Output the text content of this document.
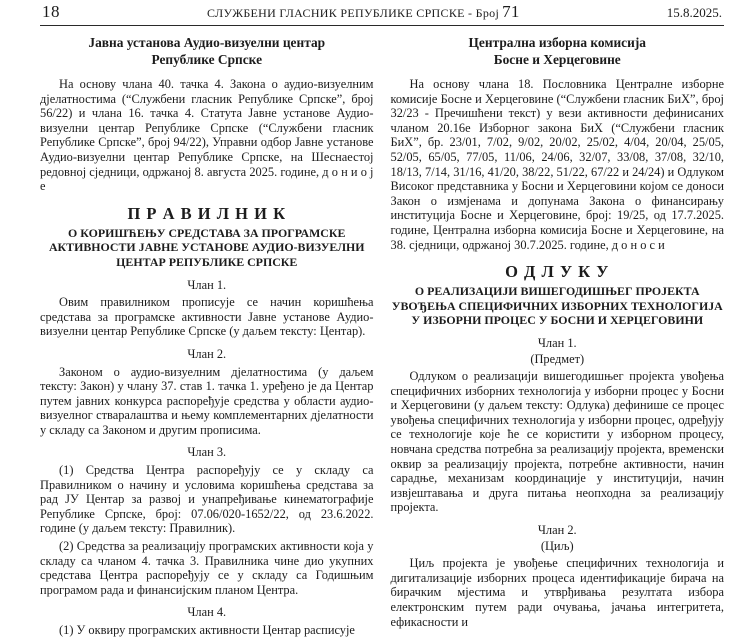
18	СЛУЖБЕНИ ГЛАСНИК РЕПУБЛИКЕ СРПСКЕ - Број 71	15.8.2025.
Јавна установа Аудио-визуелни центар
Републике Српске
На основу члана 40. тачка 4. Закона о аудио-визуелним дјелатностима (“Службени гласник Републике Српске”, број 56/22) и члана 16. тачка 4. Статута Јавне установе Аудио-визуелни центар Републике Српске (“Службени гласник Републике Српске”, број 94/22), Управни одбор Јавне установе Аудио-визуелни центар Републике Српске, на Шеснаестој редовној сједници, одржаној 8. августа 2025. године, д о н и о ј е
П Р А В И Л Н И К
О КОРИШЋЕЊУ СРЕДСТАВА ЗА ПРОГРАМСКЕ АКТИВНОСТИ ЈАВНЕ УСТАНОВЕ АУДИО-ВИЗУЕЛНИ ЦЕНТАР РЕПУБЛИКЕ СРПСКЕ
Члан 1.
Овим правилником прописује се начин коришћења средстава за програмске активности Јавне установе Аудио-визуелни центар Републике Српске (у даљем тексту: Центар).
Члан 2.
Законом о аудио-визуелним дјелатностима (у даљем тексту: Закон) у члану 37. став 1. тачка 1. уређено је да Центар путем јавних конкурса распоређује средства у области аудио-визуелног стваралаштва и њему комплементарних дјелатности у складу са Законом и другим прописима.
Члан 3.
(1) Средства Центра распоређују се у складу са Правилником о начину и условима коришћења средстава за рад ЈУ Центар за развој и унапређивање кинематографије Републике Српске, број: 07.06/020-1652/22, од 23.6.2022. године (у даљем тексту: Правилник).
(2) Средства за реализацију програмских активности која у складу са чланом 4. тачка 3. Правилника чине дио укупних средстава Центра распоређују се у складу са Годишњим програмом рада и финансијским планом Центра.
Члан 4.
(1) У оквиру програмских активности Центар расписује
Централна изборна комисија
Босне и Херцеговине
На основу члана 18. Пословника Централне изборне комисије Босне и Херцеговине (“Службени гласник БиХ”, број 32/23 - Пречишћени текст) у вези активности дефинисаних чланом 20.16е Изборног закона БиХ (“Службени гласник БиХ”, бр. 23/01, 7/02, 9/02, 20/02, 25/02, 4/04, 20/04, 25/05, 52/05, 65/05, 77/05, 11/06, 24/06, 32/07, 33/08, 37/08, 32/10, 18/13, 7/14, 31/16, 41/20, 38/22, 51/22, 67/22 и 24/24) и Одлуком Високог представника у Босни и Херцеговини којом се доноси Закон о измјенама и допунама Закона о финансирању институција Босне и Херцеговине, број: 19/25, од 17.7.2025. године, Централна изборна комисија Босне и Херцеговине, на 38. сједници, одржаној 30.7.2025. године, д о н о с и
О Д Л У К У
О РЕАЛИЗАЦИЈИ ВИШЕГОДИШЊЕГ ПРОЈЕКТА УВОЂЕЊА СПЕЦИФИЧНИХ ИЗБОРНИХ ТЕХНОЛОГИЈА У ИЗБОРНИ ПРОЦЕС У БОСНИ И ХЕРЦЕГОВИНИ
Члан 1.
(Предмет)
Одлуком о реализацији вишегодишњег пројекта увођења специфичних изборних технологија у изборни процес у Босни и Херцеговини (у даљем тексту: Одлука) дефинише се процес увођења специфичних технологија у изборни процес, одређују се технологије које ће се користити у изборном процесу, новчана средства потребна за реализацију пројекта, временски оквир за реализацију пројекта, потребне активности, начин сарадње, механизам координације у институцији, начин извјештавања и друга питања неопходна за реализацију пројекта.
Члан 2.
(Циљ)
Циљ пројекта је увођење специфичних технологија и дигитализације изборних процеса идентификације бирача на бирачким мјестима и утврђивања резултата избора електронским путем ради очувања, јачања интегритета, ефикасности и
